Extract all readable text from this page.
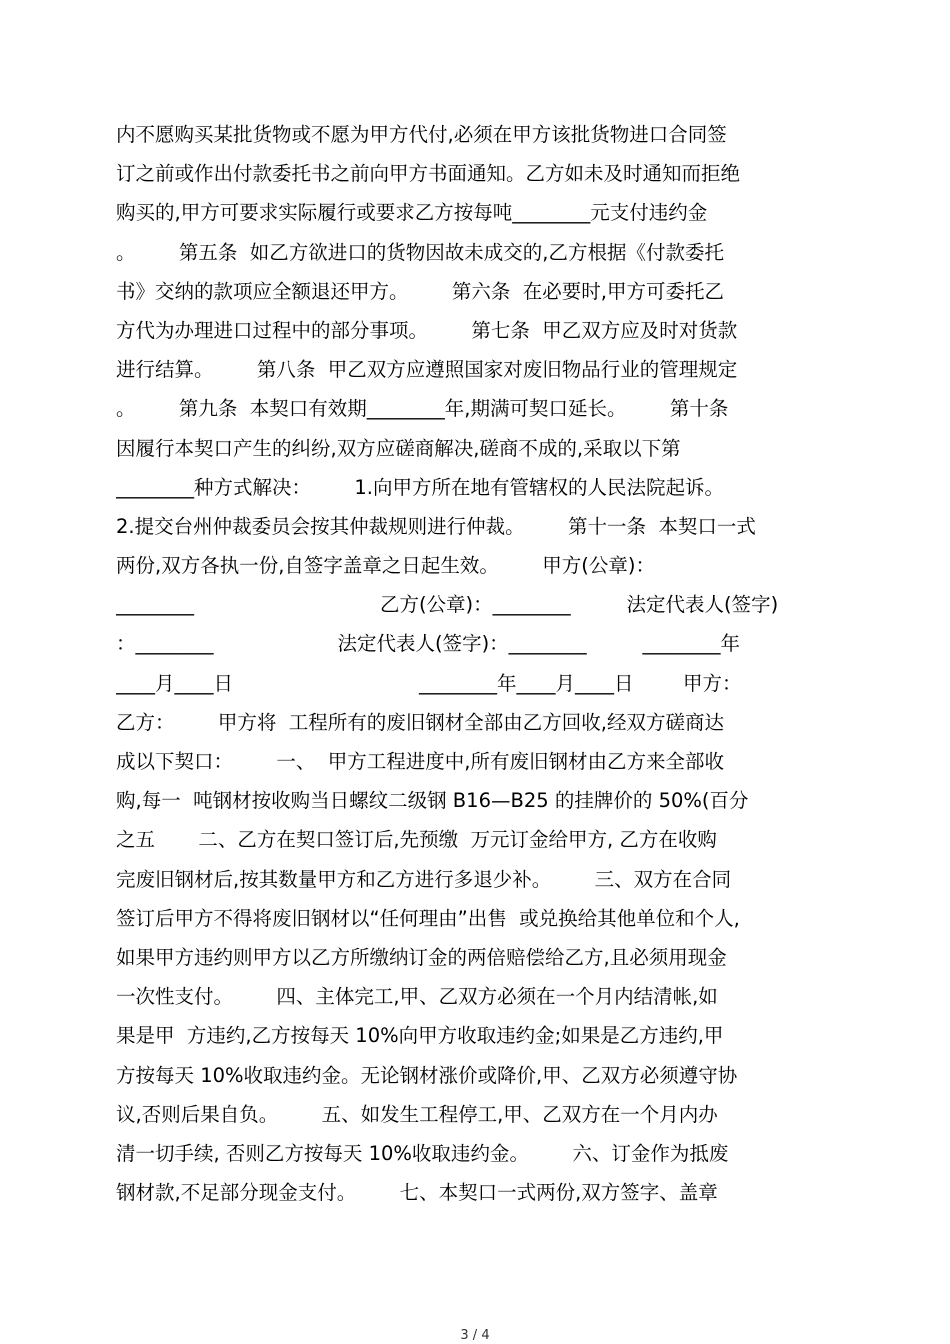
内不愿购买某批货物或不愿为甲方代付,必须在甲方该批货物进口合同签
订之前或作出付款委托书之前向甲方书面通知。乙方如未及时通知而拒绝
购买的,甲方可要求实际履行或要求乙方按每吨________元支付违约金
。       第五条  如乙方欲进口的货物因故未成交的,乙方根据《付款委托
书》交纳的款项应全额退还甲方。       第六条  在必要时,甲方可委托乙
方代为办理进口过程中的部分事项。       第七条  甲乙双方应及时对货款
进行结算。       第八条  甲乙双方应遵照国家对废旧物品行业的管理规定
。       第九条  本契口有效期________年,期满可契口延长。       第十条
因履行本契口产生的纠纷,双方应磋商解决,磋商不成的,采取以下第
________种方式解决：       1.向甲方所在地有管辖权的人民法院起诉。
2.提交台州仲裁委员会按其仲裁规则进行仲裁。       第十一条  本契口一式
两份,双方各执一份,自签字盖章之日起生效。       甲方(公章)：
________                              乙方(公章)：________         法定代表人(签字)
：________                    法定代表人(签字)：________         ________年
____月____日                              ________年____月____日        甲方：
乙方：       甲方将  工程所有的废旧钢材全部由乙方回收,经双方磋商达
成以下契口：       一、  甲方工程进度中,所有废旧钢材由乙方来全部收
购,每一  吨钢材按收购当日螺纹二级钢 B16—B25 的挂牌价的 50%(百分
之五       二、乙方在契口签订后,先预缴  万元订金给甲方, 乙方在收购
完废旧钢材后,按其数量甲方和乙方进行多退少补。       三、双方在合同
签订后甲方不得将废旧钢材以“任何理由”出售  或兑换给其他单位和个人,
如果甲方违约则甲方以乙方所缴纳订金的两倍赔偿给乙方,且必须用现金
一次性支付。       四、主体完工,甲、乙双方必须在一个月内结清帐,如
果是甲  方违约,乙方按每天 10%向甲方收取违约金;如果是乙方违约,甲
方按每天 10%收取违约金。无论钢材涨价或降价,甲、乙双方必须遵守协
议,否则后果自负。       五、如发生工程停工,甲、乙双方在一个月内办
清一切手续, 否则乙方按每天 10%收取违约金。       六、订金作为抵废
钢材款,不足部分现金支付。       七、本契口一式两份,双方签字、盖章
3 / 4
